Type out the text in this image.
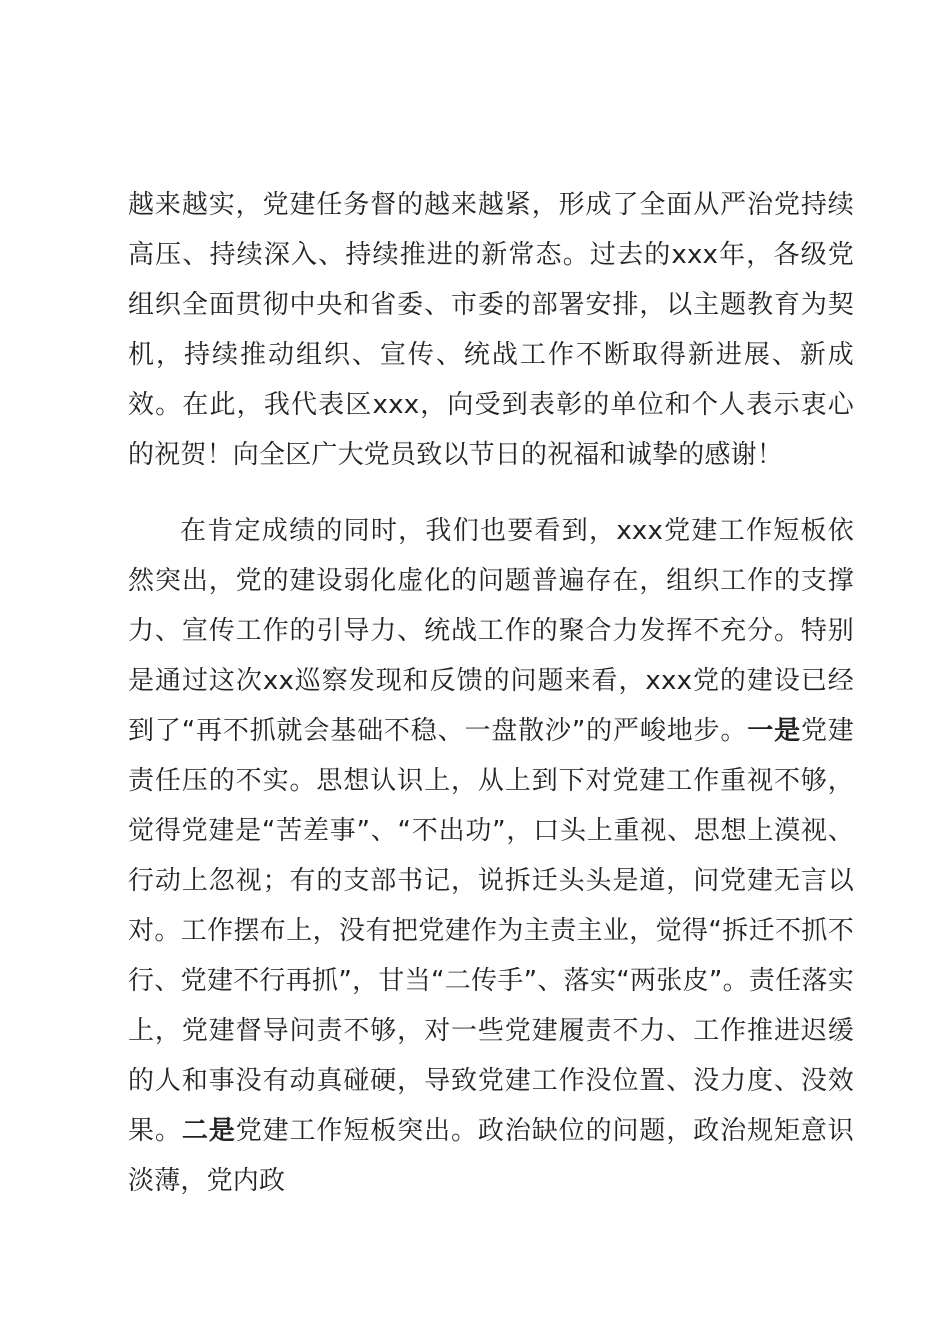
越来越实，党建任务督的越来越紧，形成了全面从严治党持续高压、持续深入、持续推进的新常态。过去的xxx年，各级党组织全面贯彻中央和省委、市委的部署安排，以主题教育为契机，持续推动组织、宣传、统战工作不断取得新进展、新成效。在此，我代表区xxx，向受到表彰的单位和个人表示衷心的祝贺！向全区广大党员致以节日的祝福和诚挚的感谢！

在肯定成绩的同时，我们也要看到，xxx党建工作短板依然突出，党的建设弱化虚化的问题普遍存在，组织工作的支撑力、宣传工作的引导力、统战工作的聚合力发挥不充分。特别是通过这次xx巡察发现和反馈的问题来看，xxx党的建设已经到了“再不抓就会基础不稳、一盘散沙”的严峻地步。一是党建责任压的不实。思想认识上，从上到下对党建工作重视不够，觉得党建是“苦差事”、“不出功”，口头上重视、思想上漠视、行动上忽视；有的支部书记，说拆迁头头是道，问党建无言以对。工作摆布上，没有把党建作为主责主业，觉得“拆迁不抓不行、党建不行再抓”，甘当“二传手”、落实“两张皮”。责任落实上，党建督导问责不够，对一些党建履责不力、工作推进迟缓的人和事没有动真碰硬，导致党建工作没位置、没力度、没效果。二是党建工作短板突出。政治缺位的问题，政治规矩意识淡薄，党内政
